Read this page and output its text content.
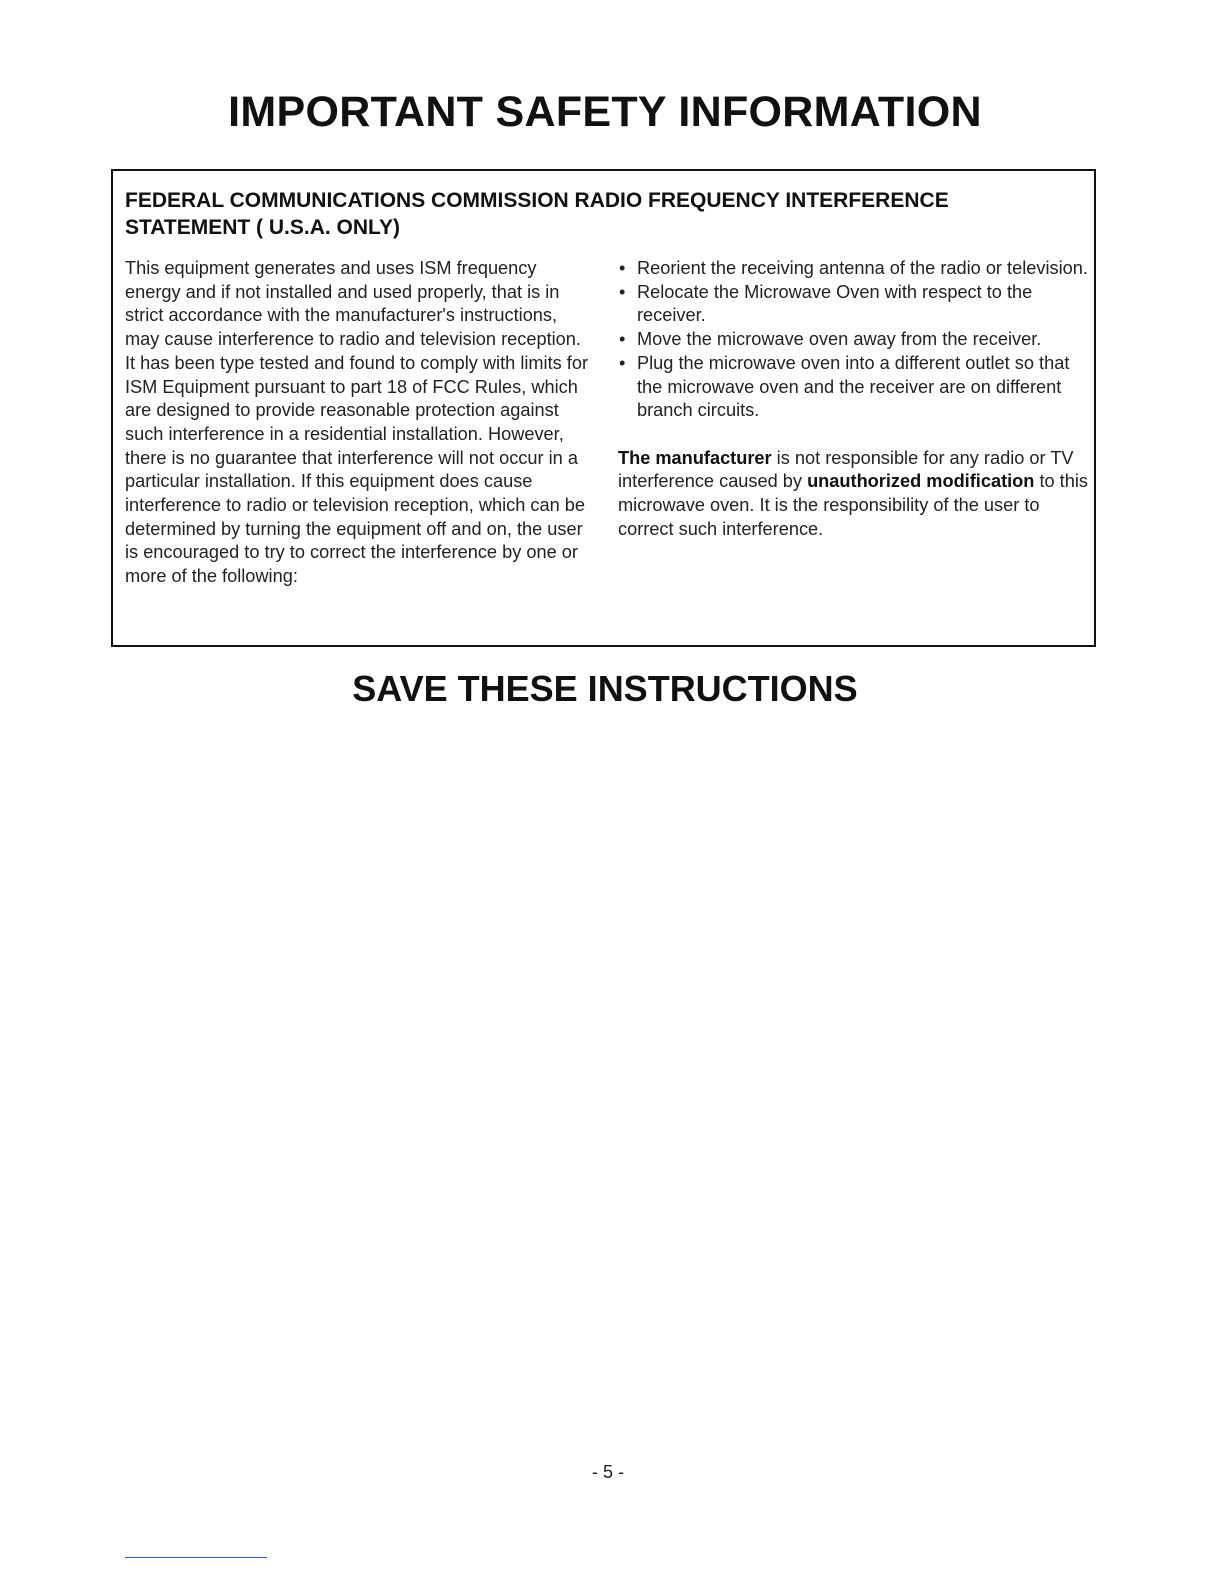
IMPORTANT SAFETY INFORMATION
FEDERAL COMMUNICATIONS COMMISSION RADIO FREQUENCY INTERFERENCE
STATEMENT ( U.S.A. ONLY)

This equipment generates and uses ISM frequency energy and if not installed and used properly, that is in strict accordance with the manufacturer's instructions, may cause interference to radio and television reception. It has been type tested and found to comply with limits for ISM Equipment pursuant to part 18 of FCC Rules, which are designed to provide reasonable protection against such interference in a residential installation. However, there is no guarantee that interference will not occur in a particular installation. If this equipment does cause interference to radio or television reception, which can be determined by turning the equipment off and on, the user is encouraged to try to correct the interference by one or more of the following:

• Reorient the receiving antenna of the radio or television.
• Relocate the Microwave Oven with respect to the receiver.
• Move the microwave oven away from the receiver.
• Plug the microwave oven into a different outlet so that the microwave oven and the receiver are on different branch circuits.

The manufacturer is not responsible for any radio or TV interference caused by unauthorized modification to this microwave oven. It is the responsibility of the user to correct such interference.

SAVE THESE INSTRUCTIONS
- 5 -
